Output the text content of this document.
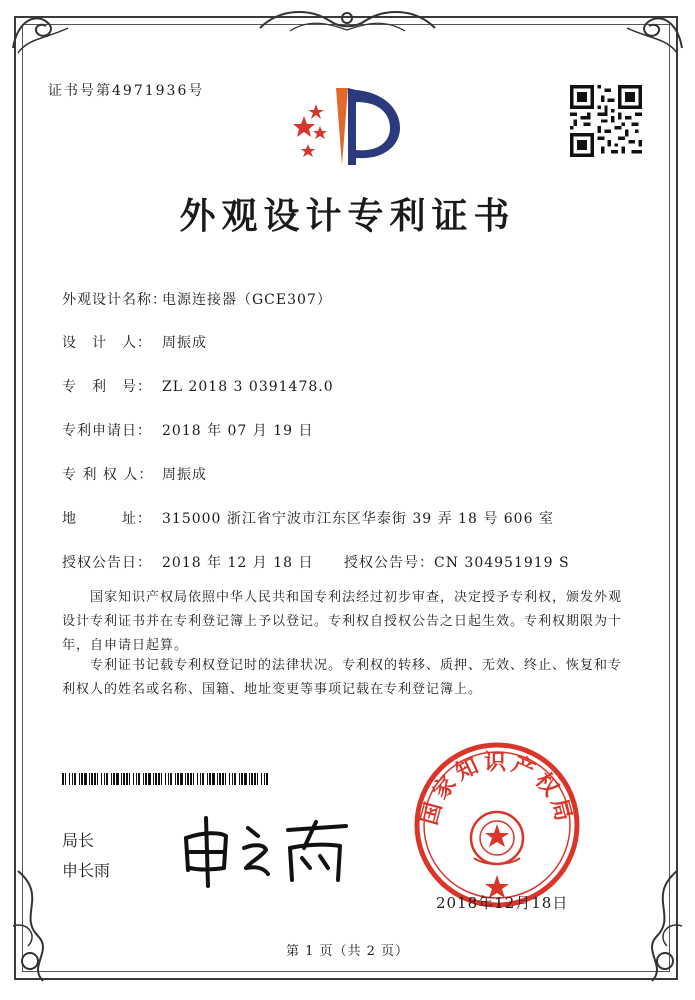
证书号第4971936号
外观设计专利证书
外观设计名称：电源连接器（GCE307）
设　计　人： 周振成
专　利　号： ZL 2018 3 0391478.0
专利申请日： 2018 年 07 月 19 日
专 利 权 人： 周振成
地　　　址： 315000 浙江省宁波市江东区华泰街 39 弄 18 号 606 室
授权公告日： 2018 年 12 月 18 日 授权公告号：CN 304951919 S
国家知识产权局依照中华人民共和国专利法经过初步审查，决定授予专利权，颁发外观设计专利证书并在专利登记簿上予以登记。专利权自授权公告之日起生效。专利权期限为十年，自申请日起算。
专利证书记载专利权登记时的法律状况。专利权的转移、质押、无效、终止、恢复和专利权人的姓名或名称、国籍、地址变更等事项记载在专利登记簿上。
局长
申长雨
国家知识产权局
2018年12月18日
第 1 页（共 2 页）
